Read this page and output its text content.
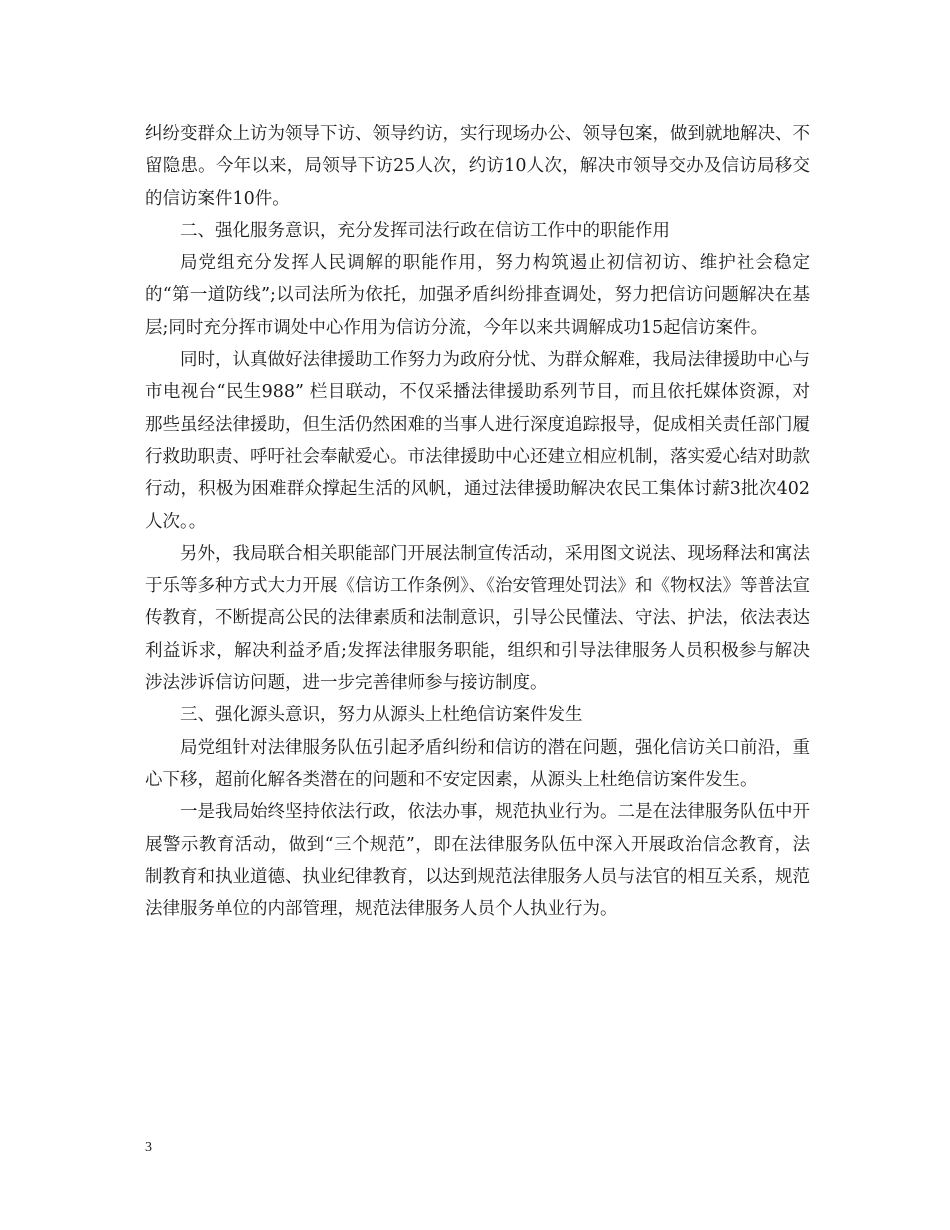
纠纷变群众上访为领导下访、领导约访，实行现场办公、领导包案，做到就地解决、不留隐患。今年以来，局领导下访25人次，约访10人次，解决市领导交办及信访局移交的信访案件10件。

二、强化服务意识，充分发挥司法行政在信访工作中的职能作用

局党组充分发挥人民调解的职能作用，努力构筑遏止初信初访、维护社会稳定的“第一道防线”;以司法所为依托，加强矛盾纠纷排查调处，努力把信访问题解决在基层;同时充分挥市调处中心作用为信访分流，今年以来共调解成功15起信访案件。

同时，认真做好法律援助工作努力为政府分忧、为群众解难，我局法律援助中心与市电视台“民生988” 栏目联动，不仅采播法律援助系列节目，而且依托媒体资源，对那些虽经法律援助，但生活仍然困难的当事人进行深度追踪报导，促成相关责任部门履行救助职责、呼吁社会奉献爱心。市法律援助中心还建立相应机制，落实爱心结对助款行动，积极为困难群众撑起生活的风帆，通过法律援助解决农民工集体讨薪3批次402人次。。

另外，我局联合相关职能部门开展法制宣传活动，采用图文说法、现场释法和寓法于乐等多种方式大力开展《信访工作条例》、《治安管理处罚法》和《物权法》等普法宣传教育，不断提高公民的法律素质和法制意识，引导公民懂法、守法、护法，依法表达利益诉求，解决利益矛盾;发挥法律服务职能，组织和引导法律服务人员积极参与解决涉法涉诉信访问题，进一步完善律师参与接访制度。

三、强化源头意识，努力从源头上杜绝信访案件发生

局党组针对法律服务队伍引起矛盾纠纷和信访的潜在问题，强化信访关口前沿，重心下移，超前化解各类潜在的问题和不安定因素，从源头上杜绝信访案件发生。

一是我局始终坚持依法行政，依法办事，规范执业行为。二是在法律服务队伍中开展警示教育活动，做到“三个规范”，即在法律服务队伍中深入开展政治信念教育，法制教育和执业道德、执业纪律教育，以达到规范法律服务人员与法官的相互关系，规范法律服务单位的内部管理，规范法律服务人员个人执业行为。

3
